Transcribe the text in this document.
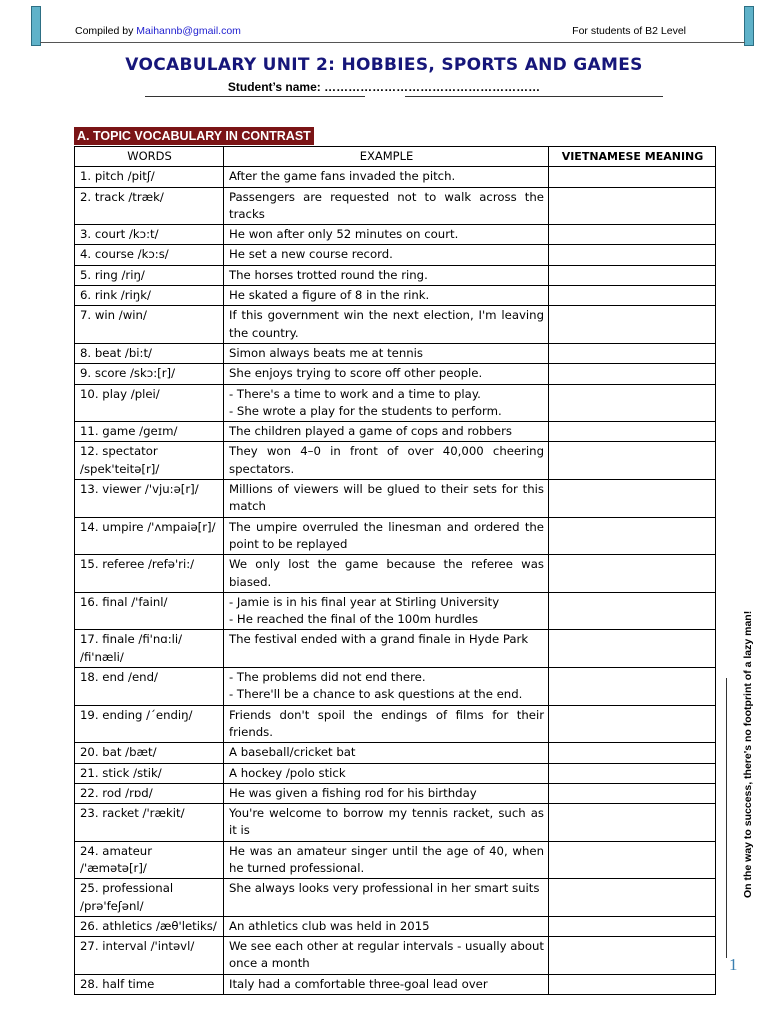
Compiled by Maihannb@gmail.com	For students of B2 Level
VOCABULARY UNIT 2: HOBBIES, SPORTS AND GAMES
Student’s name: ………………………………………………
A. TOPIC VOCABULARY IN CONTRAST
WORDS	EXAMPLE	VIETNAMESE MEANING
1. pitch /pitʃ/	After the game fans invaded the pitch.	
2. track /træk/	Passengers are requested not to walk across the tracks	
3. court /kɔ:t/	He won after only 52 minutes on court.	
4. course /kɔ:s/	He set a new course record.	
5. ring /riŋ/	The horses trotted round the ring.	
6. rink /riŋk/	He skated a figure of 8 in the rink.	
7. win /win/	If this government win the next election, I'm leaving the country.	
8. beat /bi:t/	Simon always beats me at tennis	
9. score /skɔ:[r]/	She enjoys trying to score off other people.	
10. play /plei/	- There's a time to work and a time to play.
- She wrote a play for the students to perform.	
11. game /geɪm/	The children played a game of cops and robbers	
12. spectator /spek'teitə[r]/	They won 4–0 in front of over 40,000 cheering spectators.	
13. viewer /'vju:ə[r]/	Millions of viewers will be glued to their sets for this match	
14. umpire /'ʌmpaiə[r]/	The umpire overruled the linesman and ordered the point to be replayed	
15. referee /refə'ri:/	We only lost the game because the referee was biased.	
16. final /'fainl/	- Jamie is in his final year at Stirling University
- He reached the final of the 100m hurdles	
17. finale /fi'nɑ:li/ /fi'næli/	The festival ended with a grand finale in Hyde Park	
18. end /end/	- The problems did not end there.
- There'll be a chance to ask questions at the end.	
19. ending /´endiŋ/	Friends don't spoil the endings of films for their friends.	
20. bat /bæt/	A baseball/cricket bat	
21. stick /stik/	A hockey /polo stick	
22. rod /rɒd/	He was given a fishing rod for his birthday	
23. racket /'rækit/	You're welcome to borrow my tennis racket, such as it is	
24. amateur /'æmətə[r]/	He was an amateur singer until the age of 40, when he turned professional.	
25. professional /prə'feʃənl/	She always looks very professional in her smart suits	
26. athletics /æθ'letiks/	An athletics club was held in 2015	
27. interval /'intəvl/	We see each other at regular intervals - usually about once a month	
28. half time	Italy had a comfortable three-goal lead over	
On the way to success, there's no footprint of a lazy man!
1
